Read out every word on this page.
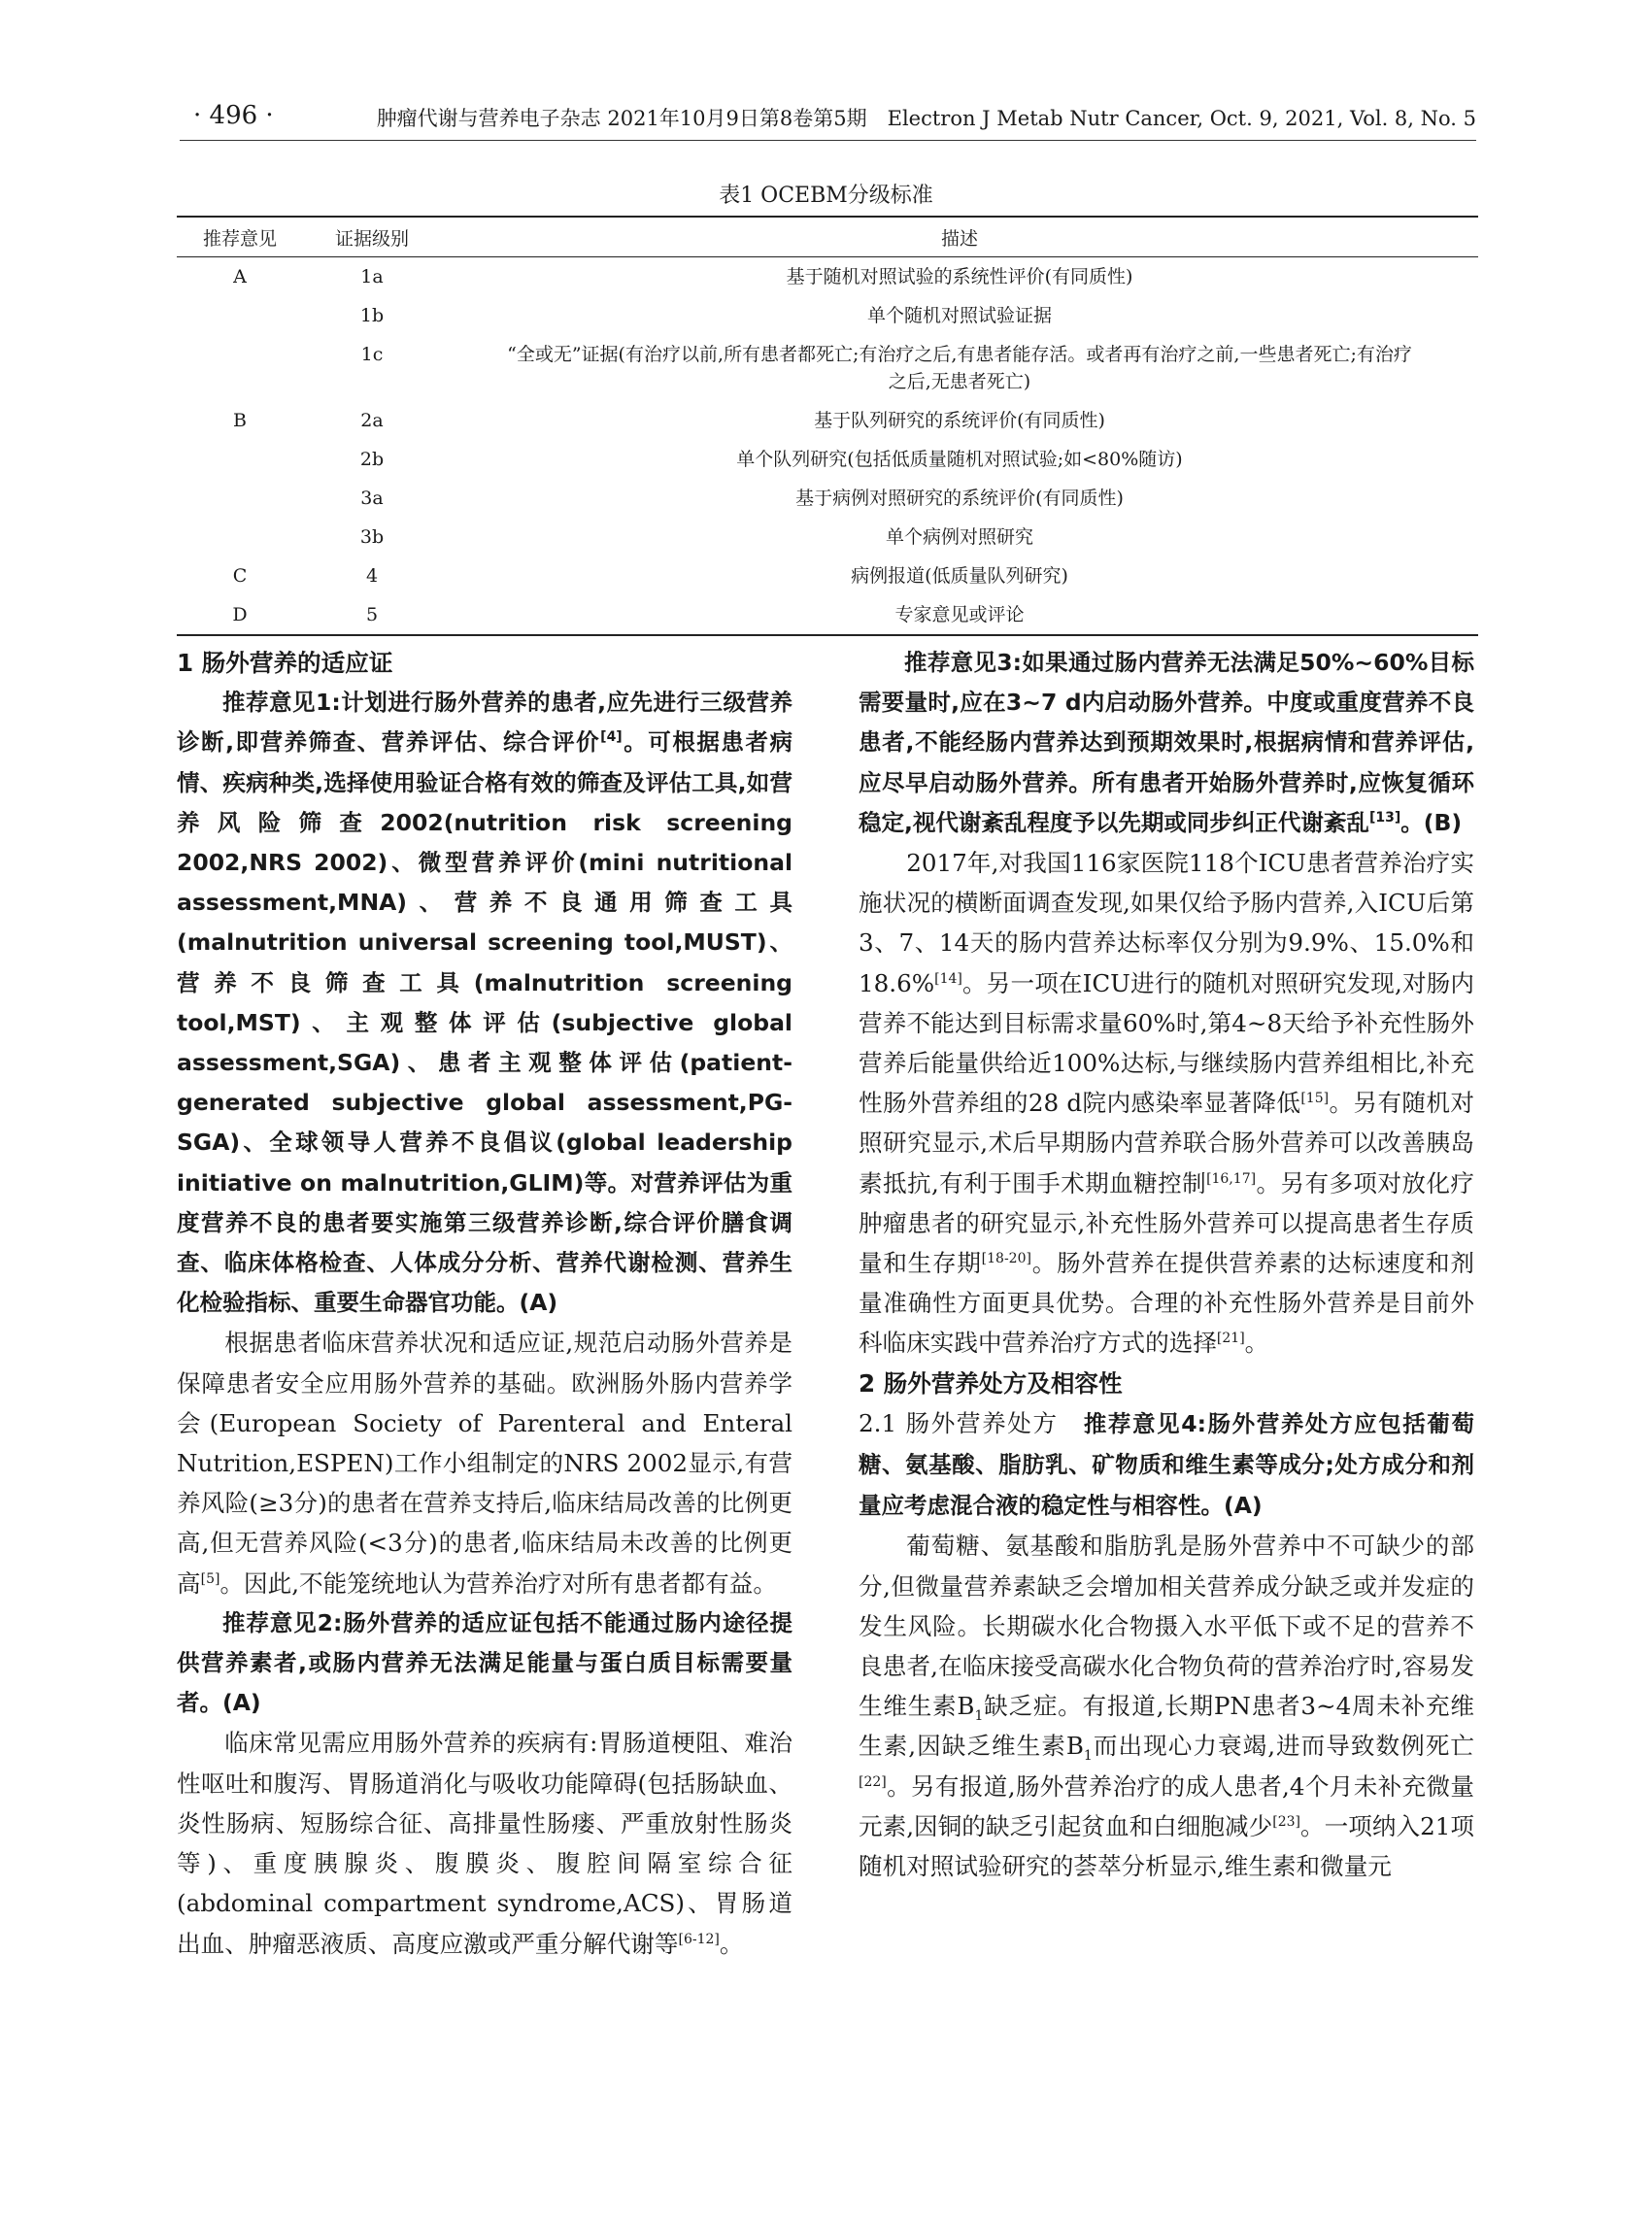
· 496 ·	肿瘤代谢与营养电子杂志 2021年10月9日第8卷第5期　Electron J Metab Nutr Cancer, Oct. 9, 2021, Vol. 8, No. 5
表1 OCEBM分级标准
推荐意见	证据级别	描述
A	1a	基于随机对照试验的系统性评价(有同质性)
	1b	单个随机对照试验证据
	1c	“全或无”证据(有治疗以前,所有患者都死亡;有治疗之后,有患者能存活。或者再有治疗之前,一些患者死亡;有治疗之后,无患者死亡)
B	2a	基于队列研究的系统评价(有同质性)
	2b	单个队列研究(包括低质量随机对照试验;如<80%随访)
	3a	基于病例对照研究的系统评价(有同质性)
	3b	单个病例对照研究
C	4	病例报道(低质量队列研究)
D	5	专家意见或评论

1 肠外营养的适应证

推荐意见1:计划进行肠外营养的患者,应先进行三级营养诊断,即营养筛查、营养评估、综合评价[4]。可根据患者病情、疾病种类,选择使用验证合格有效的筛查及评估工具,如营养风险筛查2002(nutrition risk screening 2002,NRS 2002)、微型营养评价(mini nutritional assessment,MNA)、营养不良通用筛查工具(malnutrition universal screening tool,MUST)、营养不良筛查工具(malnutrition screening tool,MST)、主观整体评估(subjective global assessment,SGA)、患者主观整体评估(patient-generated subjective global assessment,PG-SGA)、全球领导人营养不良倡议(global leadership initiative on malnutrition,GLIM)等。对营养评估为重度营养不良的患者要实施第三级营养诊断,综合评价膳食调查、临床体格检查、人体成分分析、营养代谢检测、营养生化检验指标、重要生命器官功能。(A)

根据患者临床营养状况和适应证,规范启动肠外营养是保障患者安全应用肠外营养的基础。欧洲肠外肠内营养学会(European Society of Parenteral and Enteral Nutrition,ESPEN)工作小组制定的NRS 2002显示,有营养风险(≥3分)的患者在营养支持后,临床结局改善的比例更高,但无营养风险(<3分)的患者,临床结局未改善的比例更高[5]。因此,不能笼统地认为营养治疗对所有患者都有益。

推荐意见2:肠外营养的适应证包括不能通过肠内途径提供营养素者,或肠内营养无法满足能量与蛋白质目标需要量者。(A)

临床常见需应用肠外营养的疾病有:胃肠道梗阻、难治性呕吐和腹泻、胃肠道消化与吸收功能障碍(包括肠缺血、炎性肠病、短肠综合征、高排量性肠瘘、严重放射性肠炎等)、重度胰腺炎、腹膜炎、腹腔间隔室综合征(abdominal compartment syndrome,ACS)、胃肠道出血、肿瘤恶液质、高度应激或严重分解代谢等[6-12]。

推荐意见3:如果通过肠内营养无法满足50%~60%目标需要量时,应在3~7 d内启动肠外营养。中度或重度营养不良患者,不能经肠内营养达到预期效果时,根据病情和营养评估,应尽早启动肠外营养。所有患者开始肠外营养时,应恢复循环稳定,视代谢紊乱程度予以先期或同步纠正代谢紊乱[13]。(B)

2017年,对我国116家医院118个ICU患者营养治疗实施状况的横断面调查发现,如果仅给予肠内营养,入ICU后第3、7、14天的肠内营养达标率仅分别为9.9%、15.0%和18.6%[14]。另一项在ICU进行的随机对照研究发现,对肠内营养不能达到目标需求量60%时,第4~8天给予补充性肠外营养后能量供给近100%达标,与继续肠内营养组相比,补充性肠外营养组的28 d院内感染率显著降低[15]。另有随机对照研究显示,术后早期肠内营养联合肠外营养可以改善胰岛素抵抗,有利于围手术期血糖控制[16,17]。另有多项对放化疗肿瘤患者的研究显示,补充性肠外营养可以提高患者生存质量和生存期[18-20]。肠外营养在提供营养素的达标速度和剂量准确性方面更具优势。合理的补充性肠外营养是目前外科临床实践中营养治疗方式的选择[21]。

2 肠外营养处方及相容性

2.1 肠外营养处方　 推荐意见4:肠外营养处方应包括葡萄糖、氨基酸、脂肪乳、矿物质和维生素等成分;处方成分和剂量应考虑混合液的稳定性与相容性。(A)

葡萄糖、氨基酸和脂肪乳是肠外营养中不可缺少的部分,但微量营养素缺乏会增加相关营养成分缺乏或并发症的发生风险。长期碳水化合物摄入水平低下或不足的营养不良患者,在临床接受高碳水化合物负荷的营养治疗时,容易发生维生素$B_1$缺乏症。有报道,长期PN患者3~4周未补充维生素,因缺乏维生素$B_1$而出现心力衰竭,进而导致数例死亡[22]。另有报道,肠外营养治疗的成人患者,4个月未补充微量元素,因铜的缺乏引起贫血和白细胞减少[23]。一项纳入21项随机对照试验研究的荟萃分析显示,维生素和微量元
